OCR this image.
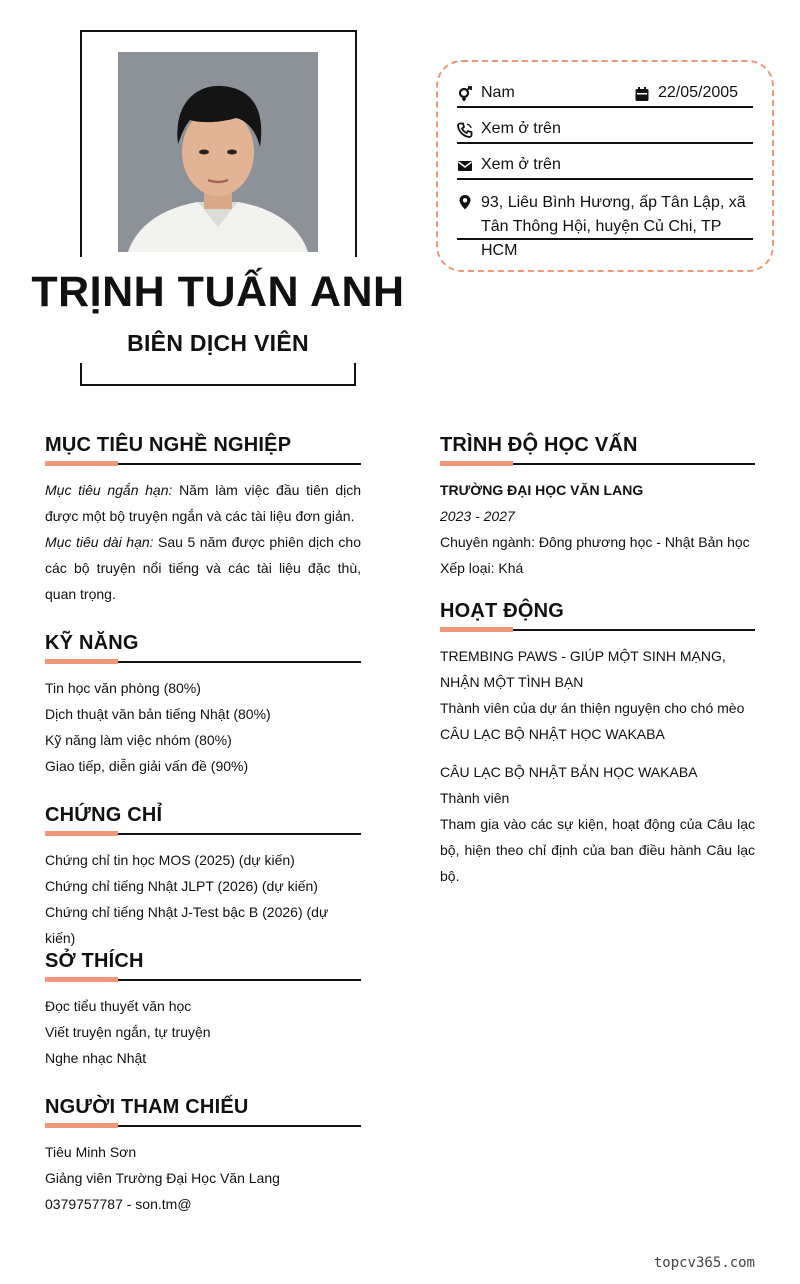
TRỊNH TUẤN ANH
BIÊN DỊCH VIÊN
Nam	22/05/2005
Xem ở trên
Xem ở trên
93, Liêu Bình Hương, ấp Tân Lập, xã Tân Thông Hội, huyện Củ Chi, TP HCM
MỤC TIÊU NGHỀ NGHIỆP
Mục tiêu ngắn hạn: Năm làm việc đầu tiên dịch được một bộ truyện ngắn và các tài liệu đơn giản.
Mục tiêu dài hạn: Sau 5 năm được phiên dịch cho các bộ truyện nổi tiếng và các tài liệu đặc thù, quan trọng.
KỸ NĂNG
Tin học văn phòng (80%)
Dịch thuật văn bản tiếng Nhật (80%)
Kỹ năng làm việc nhóm (80%)
Giao tiếp, diễn giải vấn đề (90%)
CHỨNG CHỈ
Chứng chỉ tin học MOS (2025) (dự kiến)
Chứng chỉ tiếng Nhật JLPT (2026) (dự kiến)
Chứng chỉ tiếng Nhật J-Test bậc B (2026) (dự kiến)
SỞ THÍCH
Đọc tiểu thuyết văn học
Viết truyện ngắn, tự truyện
Nghe nhạc Nhật
NGƯỜI THAM CHIẾU
Tiêu Minh Sơn
Giảng viên Trường Đại Học Văn Lang
0379757787 - son.tm@
TRÌNH ĐỘ HỌC VẤN
TRƯỜNG ĐẠI HỌC VĂN LANG
2023 - 2027
Chuyên ngành: Đông phương học - Nhật Bản học
Xếp loại: Khá
HOẠT ĐỘNG
TREMBING PAWS - GIÚP MỘT SINH MẠNG, NHẬN MỘT TÌNH BẠN
Thành viên của dự án thiện nguyện cho chó mèo
CÂU LẠC BỘ NHẬT HỌC WAKABA
CÂU LẠC BỘ NHẬT BẢN HỌC WAKABA
Thành viên
Tham gia vào các sự kiện, hoạt động của Câu lạc bộ, hiện theo chỉ định của ban điều hành Câu lạc bộ.
topcv365.com
